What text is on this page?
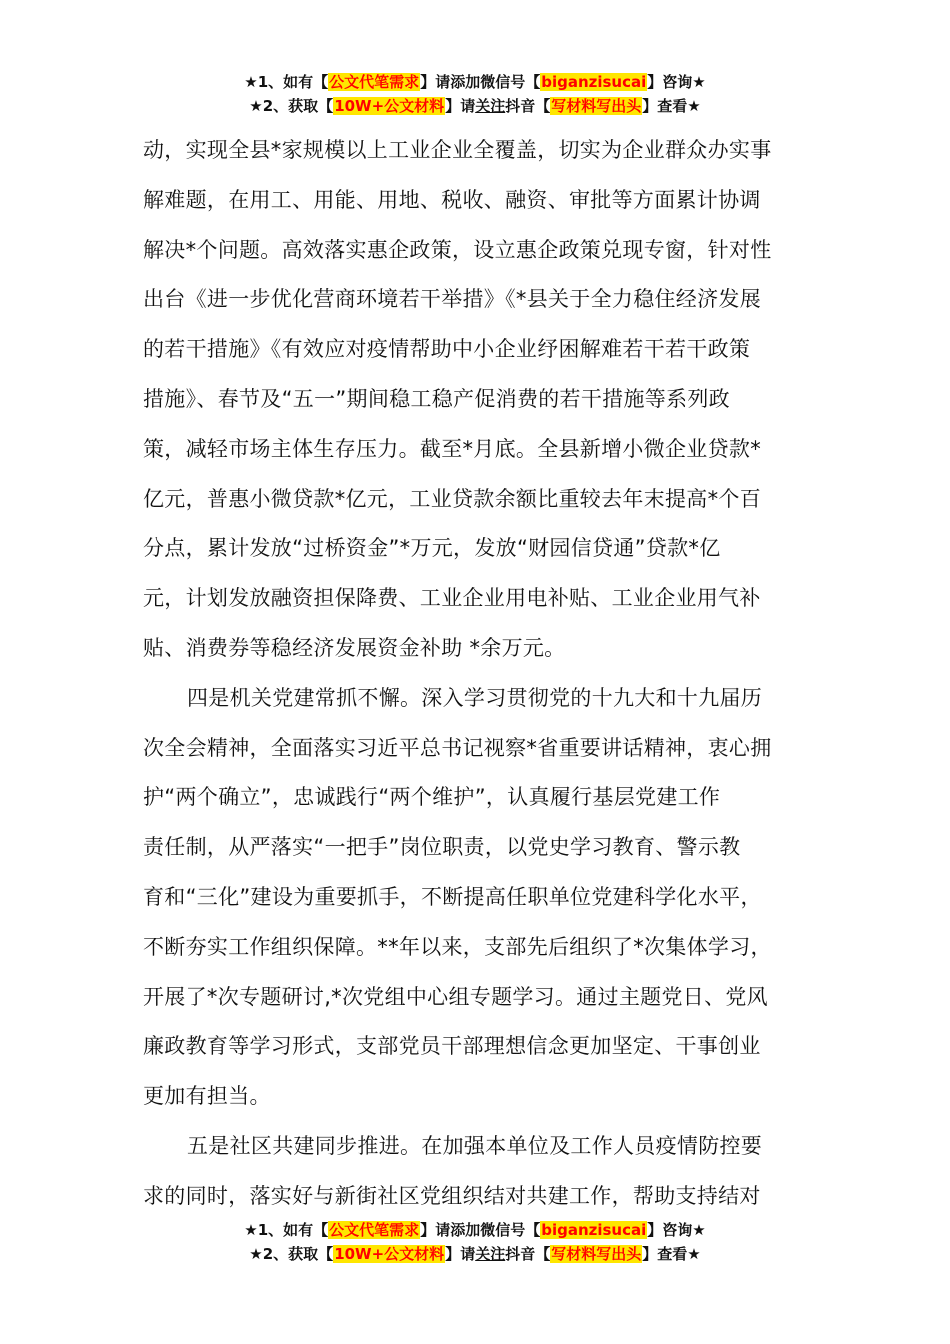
★1、如有【公文代笔需求】请添加微信号【biganzisucai】咨询★
★2、获取【10W+公文材料】请关注抖音【写材料写出头】查看★
动，实现全县*家规模以上工业企业全覆盖，切实为企业群众办实事
解难题，在用工、用能、用地、税收、融资、审批等方面累计协调
解决*个问题。高效落实惠企政策，设立惠企政策兑现专窗，针对性
出台《进一步优化营商环境若干举措》《*县关于全力稳住经济发展
的若干措施》《有效应对疫情帮助中小企业纾困解难若干若干政策
措施》、春节及“五一”期间稳工稳产促消费的若干措施等系列政
策，减轻市场主体生存压力。截至*月底。全县新增小微企业贷款*
亿元，普惠小微贷款*亿元，工业贷款余额比重较去年末提高*个百
分点，累计发放“过桥资金”*万元，发放“财园信贷通”贷款*亿
元，计划发放融资担保降费、工业企业用电补贴、工业企业用气补
贴、消费券等稳经济发展资金补助 *余万元。
四是机关党建常抓不懈。深入学习贯彻党的十九大和十九届历
次全会精神，全面落实习近平总书记视察*省重要讲话精神，衷心拥
护“两个确立”，忠诚践行“两个维护”，认真履行基层党建工作
责任制，从严落实“一把手”岗位职责，以党史学习教育、警示教
育和“三化”建设为重要抓手，不断提高任职单位党建科学化水平，
不断夯实工作组织保障。**年以来，支部先后组织了*次集体学习，
开展了*次专题研讨,*次党组中心组专题学习。通过主题党日、党风
廉政教育等学习形式，支部党员干部理想信念更加坚定、干事创业
更加有担当。
五是社区共建同步推进。在加强本单位及工作人员疫情防控要
求的同时，落实好与新街社区党组织结对共建工作，帮助支持结对
★1、如有【公文代笔需求】请添加微信号【biganzisucai】咨询★
★2、获取【10W+公文材料】请关注抖音【写材料写出头】查看★
